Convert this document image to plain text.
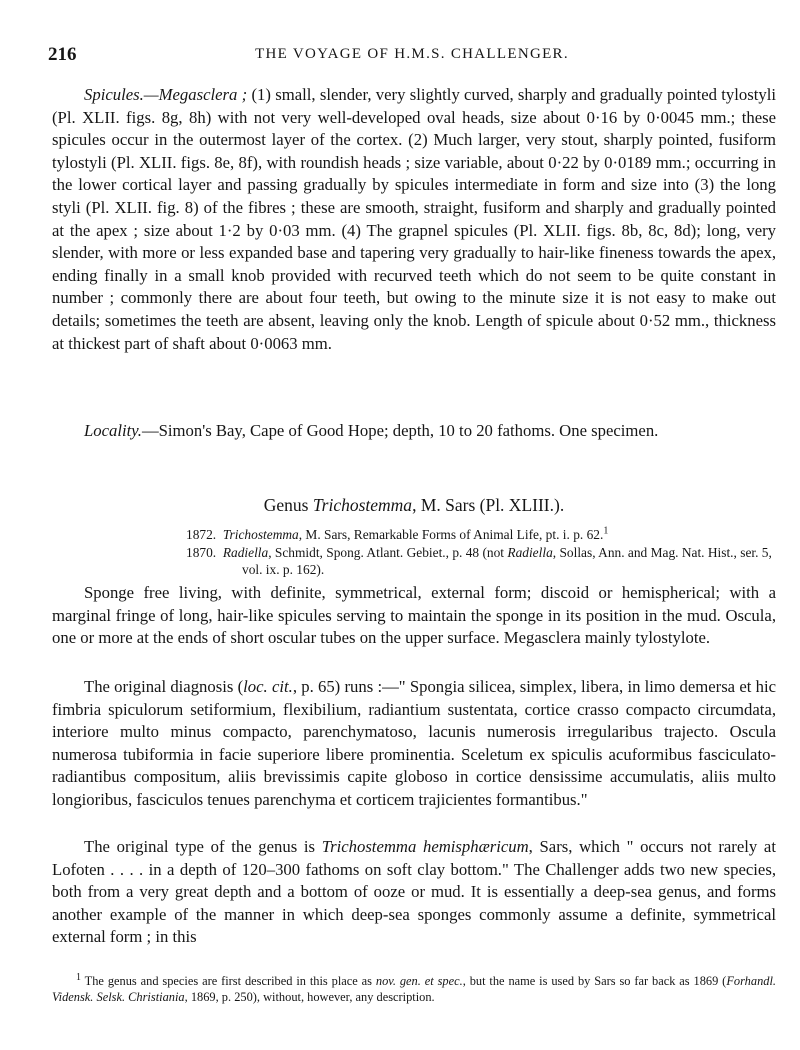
216	THE VOYAGE OF H.M.S. CHALLENGER.

Spicules.—Megasclera ; (1) small, slender, very slightly curved, sharply and gradually pointed tylostyli (Pl. XLII. figs. 8g, 8h) with not very well-developed oval heads, size about 0·16 by 0·0045 mm.; these spicules occur in the outermost layer of the cortex. (2) Much larger, very stout, sharply pointed, fusiform tylostyli (Pl. XLII. figs. 8e, 8f), with roundish heads ; size variable, about 0·22 by 0·0189 mm.; occurring in the lower cortical layer and passing gradually by spicules intermediate in form and size into (3) the long styli (Pl. XLII. fig. 8) of the fibres ; these are smooth, straight, fusiform and sharply and gradually pointed at the apex ; size about 1·2 by 0·03 mm. (4) The grapnel spicules (Pl. XLII. figs. 8b, 8c, 8d); long, very slender, with more or less expanded base and tapering very gradually to hair-like fineness towards the apex, ending finally in a small knob provided with recurved teeth which do not seem to be quite constant in number ; commonly there are about four teeth, but owing to the minute size it is not easy to make out details; sometimes the teeth are absent, leaving only the knob. Length of spicule about 0·52 mm., thickness at thickest part of shaft about 0·0063 mm.

Locality.—Simon's Bay, Cape of Good Hope; depth, 10 to 20 fathoms. One specimen.

Genus Trichostemma, M. Sars (Pl. XLIII.).

1872. Trichostemma, M. Sars, Remarkable Forms of Animal Life, pt. i. p. 62.$^1$

1870. Radiella, Schmidt, Spong. Atlant. Gebiet., p. 48 (not Radiella, Sollas, Ann. and Mag. Nat. Hist., ser. 5, vol. ix. p. 162).

Sponge free living, with definite, symmetrical, external form; discoid or hemispherical; with a marginal fringe of long, hair-like spicules serving to maintain the sponge in its position in the mud. Oscula, one or more at the ends of short oscular tubes on the upper surface. Megasclera mainly tylostylote.

The original diagnosis (loc. cit., p. 65) runs :—" Spongia silicea, simplex, libera, in limo demersa et hic fimbria spiculorum setiformium, flexibilium, radiantium sustentata, cortice crasso compacto circumdata, interiore multo minus compacto, parenchymatoso, lacunis numerosis irregularibus trajecto. Oscula numerosa tubiformia in facie superiore libere prominentia. Sceletum ex spiculis acuformibus fasciculato-radiantibus compositum, aliis brevissimis capite globoso in cortice densissime accumulatis, aliis multo longioribus, fasciculos tenues parenchyma et corticem trajicientes formantibus."

The original type of the genus is Trichostemma hemisphæricum, Sars, which " occurs not rarely at Lofoten . . . . in a depth of 120–300 fathoms on soft clay bottom." The Challenger adds two new species, both from a very great depth and a bottom of ooze or mud. It is essentially a deep-sea genus, and forms another example of the manner in which deep-sea sponges commonly assume a definite, symmetrical external form ; in this

$^1$ The genus and species are first described in this place as nov. gen. et spec., but the name is used by Sars so far back as 1869 (Forhandl. Vidensk. Selsk. Christiania, 1869, p. 250), without, however, any description.
